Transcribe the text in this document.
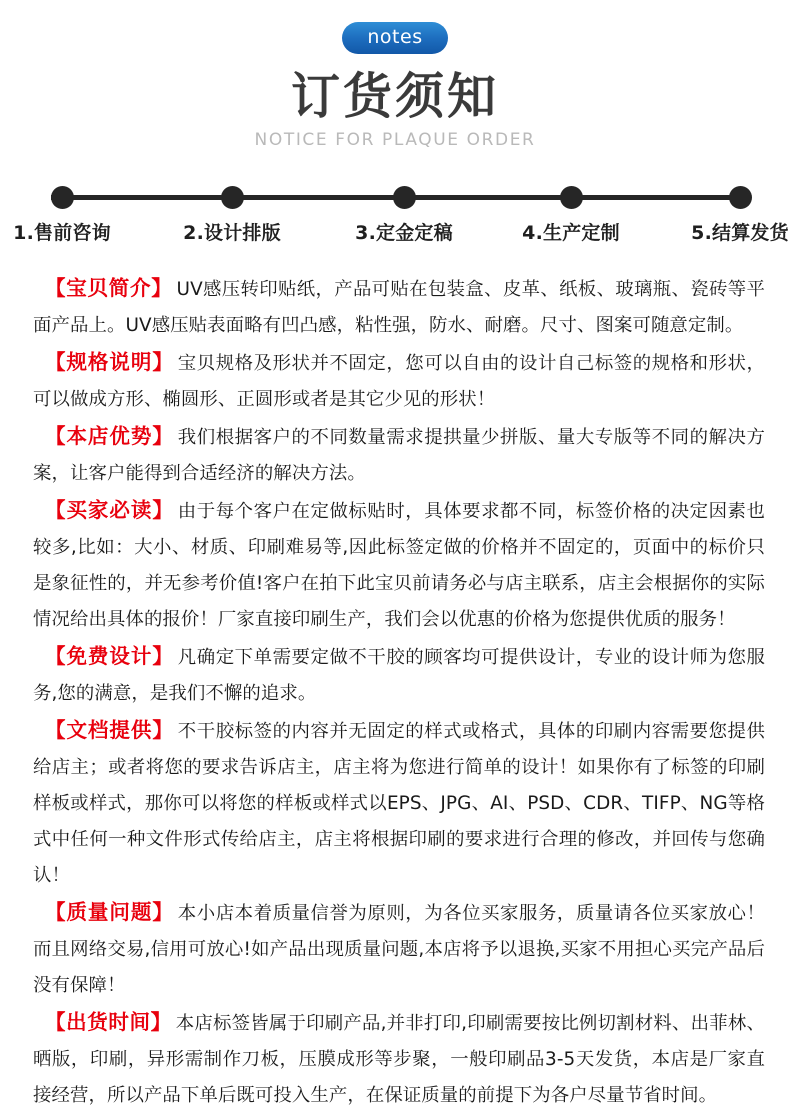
notes
订货须知
NOTICE FOR PLAQUE ORDER
1.售前咨询	2.设计排版	3.定金定稿	4.生产定制	5.结算发货

【宝贝简介】 UV感压转印贴纸，产品可贴在包装盒、皮革、纸板、玻璃瓶、瓷砖等平面产品上。UV感压贴表面略有凹凸感，粘性强，防水、耐磨。尺寸、图案可随意定制。

【规格说明】 宝贝规格及形状并不固定，您可以自由的设计自己标签的规格和形状，可以做成方形、椭圆形、正圆形或者是其它少见的形状！

【本店优势】 我们根据客户的不同数量需求提拱量少拼版、量大专版等不同的解决方案，让客户能得到合适经济的解决方法。

【买家必读】 由于每个客户在定做标贴时，具体要求都不同，标签价格的决定因素也较多,比如：大小、材质、印刷难易等,因此标签定做的价格并不固定的，页面中的标价只是象征性的，并无参考价值!客户在拍下此宝贝前请务必与店主联系，店主会根据你的实际情况给出具体的报价！厂家直接印刷生产，我们会以优惠的价格为您提供优质的服务！

【免费设计】 凡确定下单需要定做不干胶的顾客均可提供设计，专业的设计师为您服务,您的满意，是我们不懈的追求。

【文档提供】 不干胶标签的内容并无固定的样式或格式，具体的印刷内容需要您提供给店主；或者将您的要求告诉店主，店主将为您进行简单的设计！如果你有了标签的印刷样板或样式，那你可以将您的样板或样式以EPS、JPG、AI、PSD、CDR、TIFP、NG等格式中任何一种文件形式传给店主，店主将根据印刷的要求进行合理的修改，并回传与您确认！

【质量问题】 本小店本着质量信誉为原则，为各位买家服务，质量请各位买家放心！而且网络交易,信用可放心!如产品出现质量问题,本店将予以退换,买家不用担心买完产品后没有保障！

【出货时间】 本店标签皆属于印刷产品,并非打印,印刷需要按比例切割材料、出菲林、晒版，印刷，异形需制作刀板，压膜成形等步聚，一般印刷品3-5天发货，本店是厂家直接经营，所以产品下单后既可投入生产，在保证质量的前提下为各户尽量节省时间。
